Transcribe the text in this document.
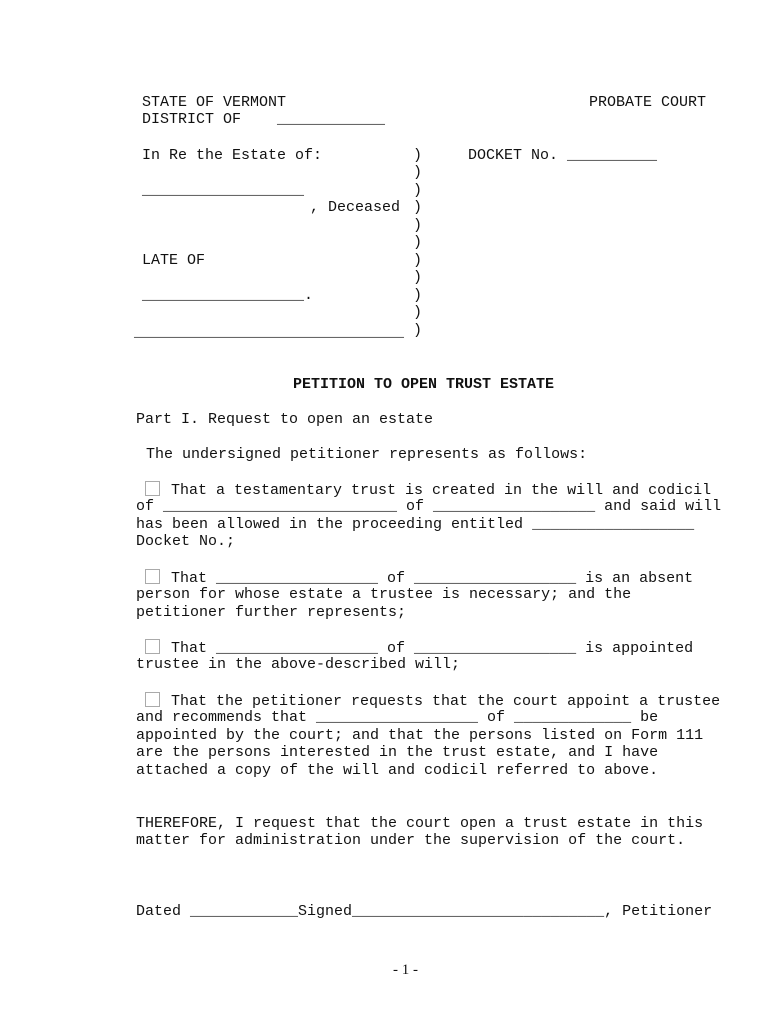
STATE OF VERMONT	PROBATE COURT
DISTRICT OF    ____________
In Re the Estate of:	DOCKET No. __________
__________________
, Deceased
LATE OF
__________________.
______________________________
)
)
)
)
)
)
)
)
)
)
)
PETITION TO OPEN TRUST ESTATE
Part I. Request to open an estate
The undersigned petitioner represents as follows:
That a testamentary trust is created in the will and codicil
of __________________________ of __________________ and said will
has been allowed in the proceeding entitled __________________
Docket No.;
That __________________ of __________________ is an absent
person for whose estate a trustee is necessary; and the
petitioner further represents;
That __________________ of __________________ is appointed
trustee in the above-described will;
That the petitioner requests that the court appoint a trustee
and recommends that __________________ of _____________ be
appointed by the court; and that the persons listed on Form 111
are the persons interested in the trust estate, and I have
attached a copy of the will and codicil referred to above.
THEREFORE, I request that the court open a trust estate in this
matter for administration under the supervision of the court.
Dated ____________Signed____________________________, Petitioner
- 1 -
